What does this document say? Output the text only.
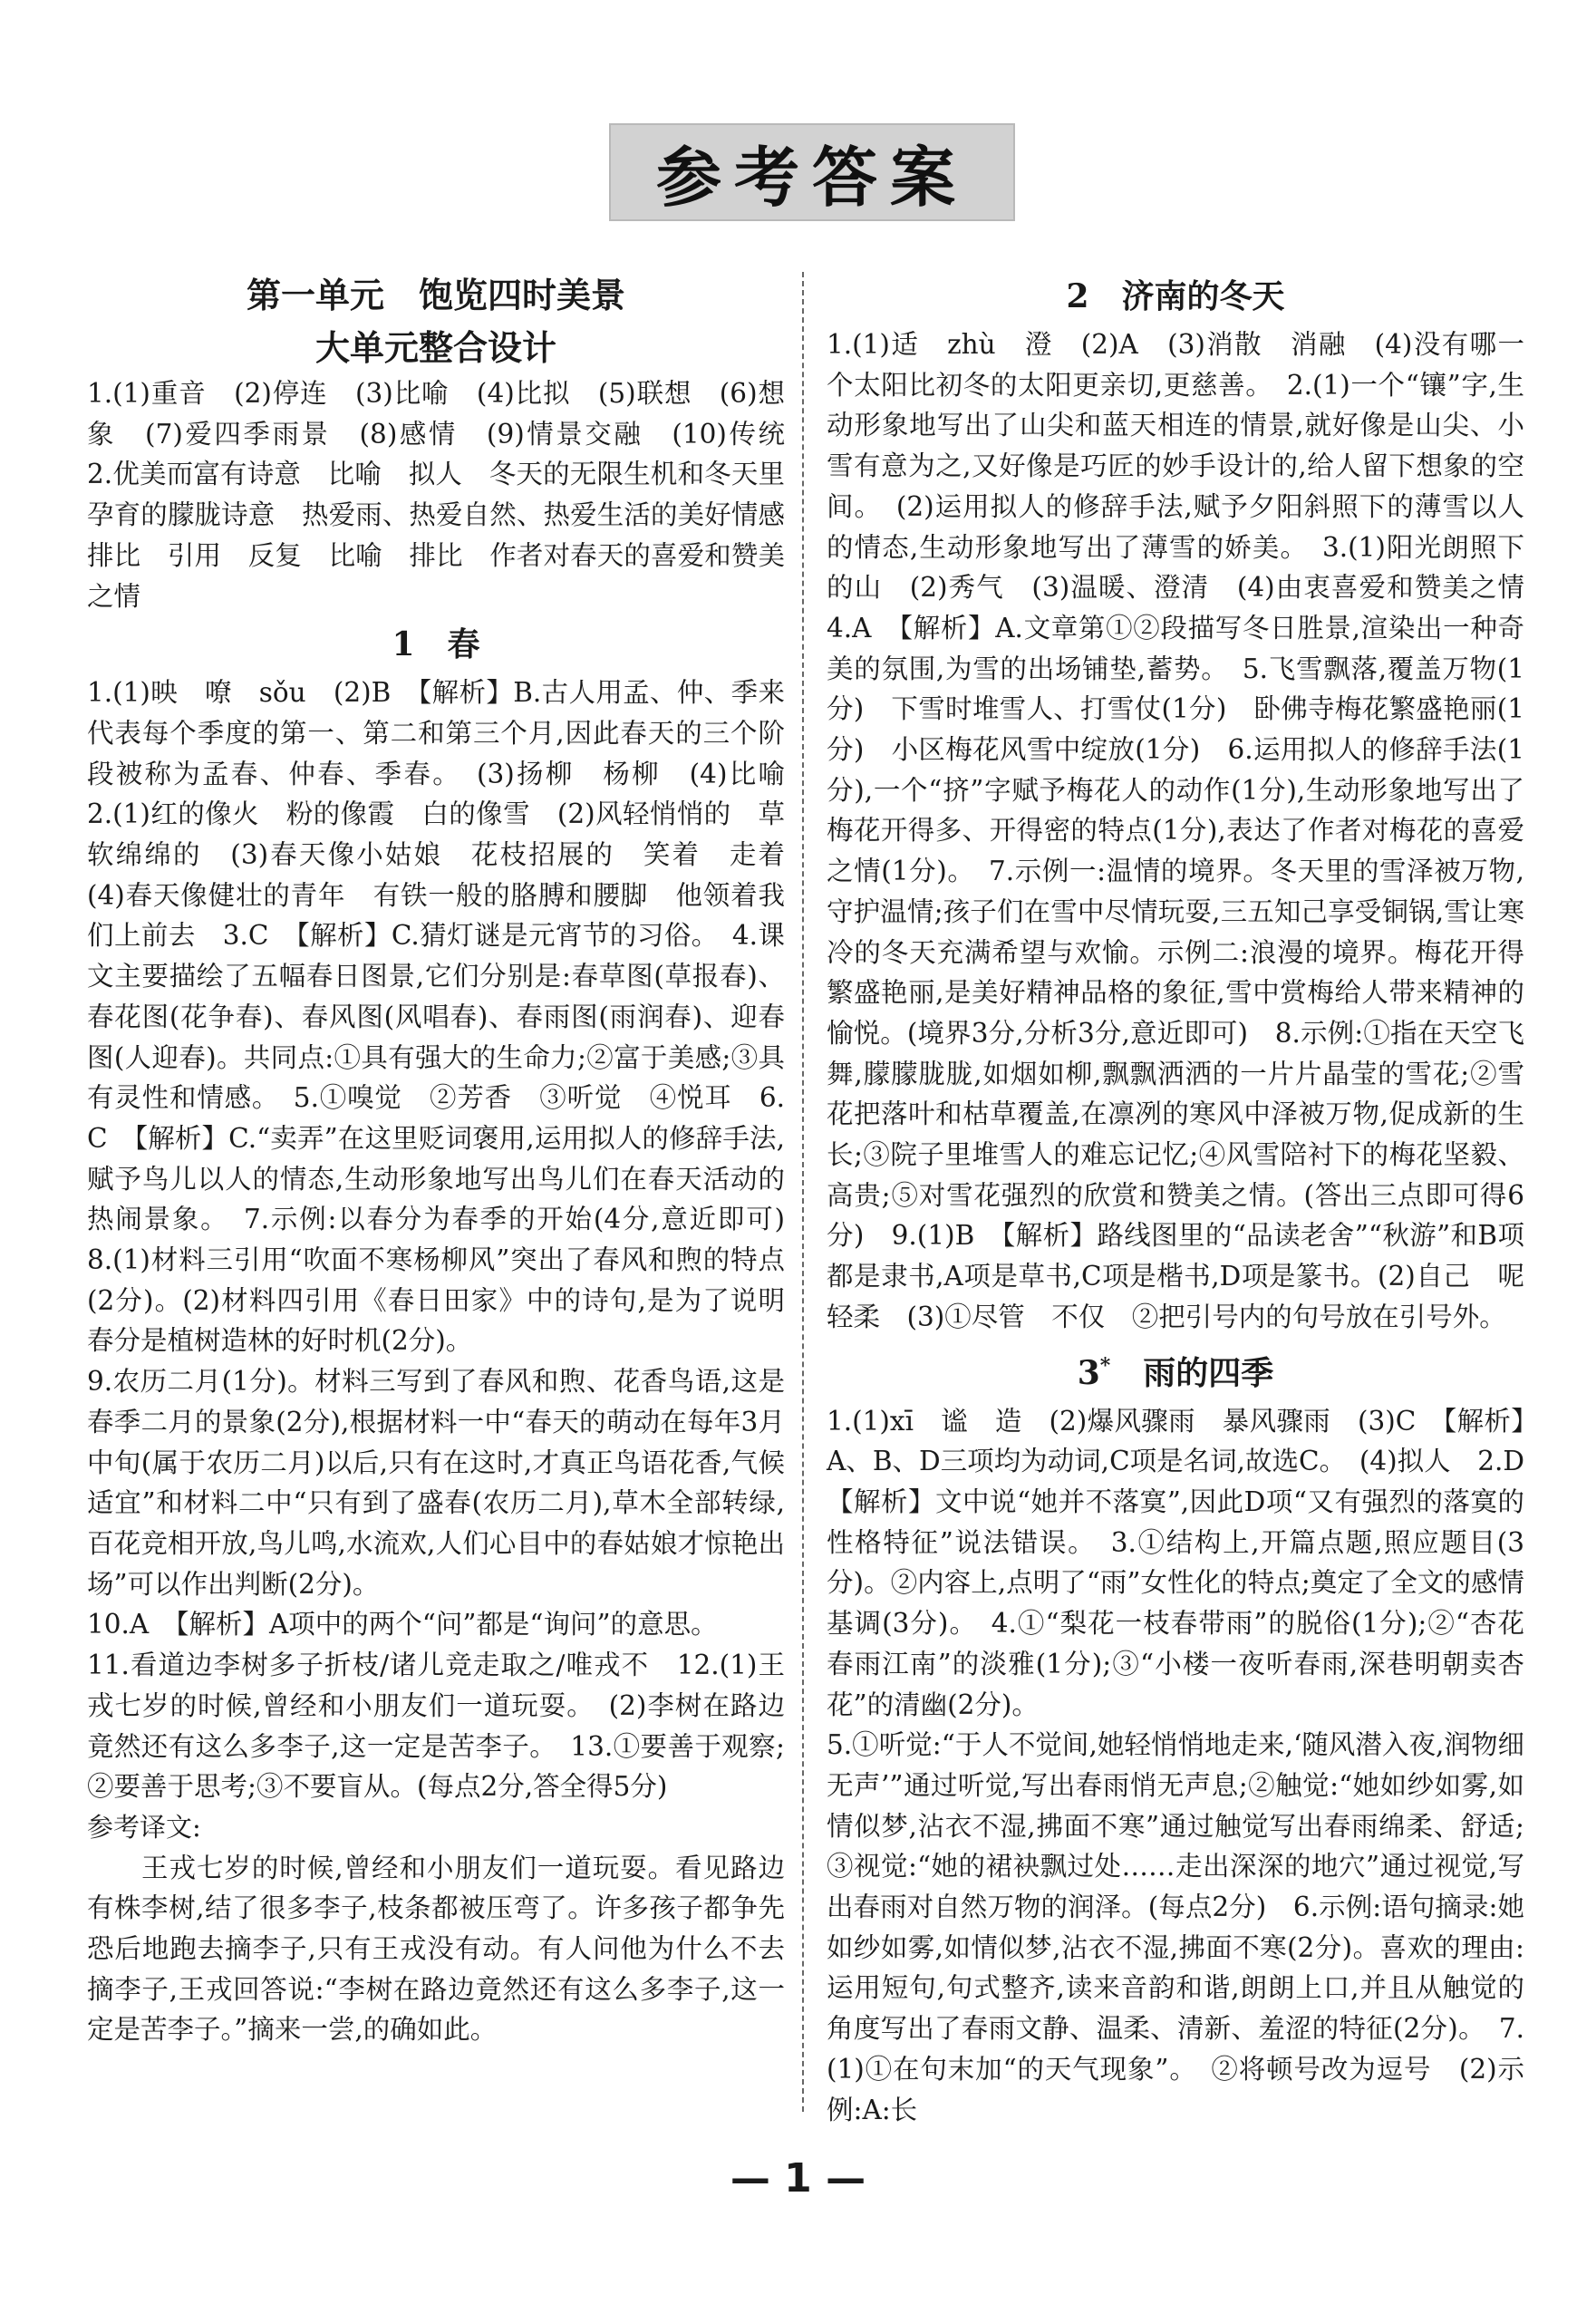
参考答案
第一单元　饱览四时美景
大单元整合设计

1.(1)重音　(2)停连　(3)比喻　(4)比拟　(5)联想　(6)想象　(7)爱四季雨景　(8)感情　(9)情景交融　(10)传统　2.优美而富有诗意　比喻　拟人　冬天的无限生机和冬天里孕育的朦胧诗意　热爱雨、热爱自然、热爱生活的美好情感　排比　引用　反复　比喻　排比　作者对春天的喜爱和赞美之情

1　春

1.(1)映　嘹　sǒu　(2)B　【解析】B.古人用孟、仲、季来代表每个季度的第一、第二和第三个月,因此春天的三个阶段被称为孟春、仲春、季春。　(3)扬柳　杨柳　(4)比喻　2.(1)红的像火　粉的像霞　白的像雪　(2)风轻悄悄的　草软绵绵的　(3)春天像小姑娘　花枝招展的　笑着　走着　(4)春天像健壮的青年　有铁一般的胳膊和腰脚　他领着我们上前去　3.C　【解析】C.猜灯谜是元宵节的习俗。　4.课文主要描绘了五幅春日图景,它们分别是:春草图(草报春)、春花图(花争春)、春风图(风唱春)、春雨图(雨润春)、迎春图(人迎春)。共同点:①具有强大的生命力;②富于美感;③具有灵性和情感。　5.①嗅觉　②芳香　③听觉　④悦耳　6.C　【解析】C.“卖弄”在这里贬词褒用,运用拟人的修辞手法,赋予鸟儿以人的情态,生动形象地写出鸟儿们在春天活动的热闹景象。　7.示例:以春分为春季的开始(4分,意近即可)　8.(1)材料三引用“吹面不寒杨柳风”突出了春风和煦的特点(2分)。(2)材料四引用《春日田家》中的诗句,是为了说明春分是植树造林的好时机(2分)。

9.农历二月(1分)。材料三写到了春风和煦、花香鸟语,这是春季二月的景象(2分),根据材料一中“春天的萌动在每年3月中旬(属于农历二月)以后,只有在这时,才真正鸟语花香,气候适宜”和材料二中“只有到了盛春(农历二月),草木全部转绿,百花竞相开放,鸟儿鸣,水流欢,人们心目中的春姑娘才惊艳出场”可以作出判断(2分)。

10.A　【解析】A项中的两个“问”都是“询问”的意思。

11.看道边李树多子折枝/诸儿竞走取之/唯戎不　12.(1)王戎七岁的时候,曾经和小朋友们一道玩耍。　(2)李树在路边竟然还有这么多李子,这一定是苦李子。　13.①要善于观察;②要善于思考;③不要盲从。(每点2分,答全得5分)

参考译文:

王戎七岁的时候,曾经和小朋友们一道玩耍。看见路边有株李树,结了很多李子,枝条都被压弯了。许多孩子都争先恐后地跑去摘李子,只有王戎没有动。有人问他为什么不去摘李子,王戎回答说:“李树在路边竟然还有这么多李子,这一定是苦李子。”摘来一尝,的确如此。

2　济南的冬天

1.(1)适　zhù　澄　(2)A　(3)消散　消融　(4)没有哪一个太阳比初冬的太阳更亲切,更慈善。　2.(1)一个“镶”字,生动形象地写出了山尖和蓝天相连的情景,就好像是山尖、小雪有意为之,又好像是巧匠的妙手设计的,给人留下想象的空间。　(2)运用拟人的修辞手法,赋予夕阳斜照下的薄雪以人的情态,生动形象地写出了薄雪的娇美。　3.(1)阳光朗照下的山　(2)秀气　(3)温暖、澄清　(4)由衷喜爱和赞美之情　4.A　【解析】A.文章第①②段描写冬日胜景,渲染出一种奇美的氛围,为雪的出场铺垫,蓄势。　5.飞雪飘落,覆盖万物(1分)　下雪时堆雪人、打雪仗(1分)　卧佛寺梅花繁盛艳丽(1分)　小区梅花风雪中绽放(1分)　6.运用拟人的修辞手法(1分),一个“挤”字赋予梅花人的动作(1分),生动形象地写出了梅花开得多、开得密的特点(1分),表达了作者对梅花的喜爱之情(1分)。　7.示例一:温情的境界。冬天里的雪泽被万物,守护温情;孩子们在雪中尽情玩耍,三五知己享受铜锅,雪让寒冷的冬天充满希望与欢愉。示例二:浪漫的境界。梅花开得繁盛艳丽,是美好精神品格的象征,雪中赏梅给人带来精神的愉悦。(境界3分,分析3分,意近即可)　8.示例:①指在天空飞舞,朦朦胧胧,如烟如柳,飘飘洒洒的一片片晶莹的雪花;②雪花把落叶和枯草覆盖,在凛冽的寒风中泽被万物,促成新的生长;③院子里堆雪人的难忘记忆;④风雪陪衬下的梅花坚毅、高贵;⑤对雪花强烈的欣赏和赞美之情。(答出三点即可得6分)　9.(1)B　【解析】路线图里的“品读老舍”“秋游”和B项都是隶书,A项是草书,C项是楷书,D项是篆书。(2)自己　呢　轻柔　(3)①尽管　不仅　②把引号内的句号放在引号外。

3*　雨的四季

1.(1)xī　谧　造　(2)爆风骤雨　暴风骤雨　(3)C　【解析】A、B、D三项均为动词,C项是名词,故选C。　(4)拟人　2.D　【解析】文中说“她并不落寞”,因此D项“又有强烈的落寞的性格特征”说法错误。　3.①结构上,开篇点题,照应题目(3分)。②内容上,点明了“雨”女性化的特点;奠定了全文的感情基调(3分)。　4.①“梨花一枝春带雨”的脱俗(1分);②“杏花春雨江南”的淡雅(1分);③“小楼一夜听春雨,深巷明朝卖杏花”的清幽(2分)。

5.①听觉:“于人不觉间,她轻悄悄地走来,‘随风潜入夜,润物细无声’”通过听觉,写出春雨悄无声息;②触觉:“她如纱如雾,如情似梦,沾衣不湿,拂面不寒”通过触觉写出春雨绵柔、舒适;③视觉:“她的裙袂飘过处……走出深深的地穴”通过视觉,写出春雨对自然万物的润泽。(每点2分)　6.示例:语句摘录:她如纱如雾,如情似梦,沾衣不湿,拂面不寒(2分)。喜欢的理由:运用短句,句式整齐,读来音韵和谐,朗朗上口,并且从触觉的角度写出了春雨文静、温柔、清新、羞涩的特征(2分)。　7.(1)①在句末加“的天气现象”。　②将顿号改为逗号　(2)示例:A:长

— 1 —
